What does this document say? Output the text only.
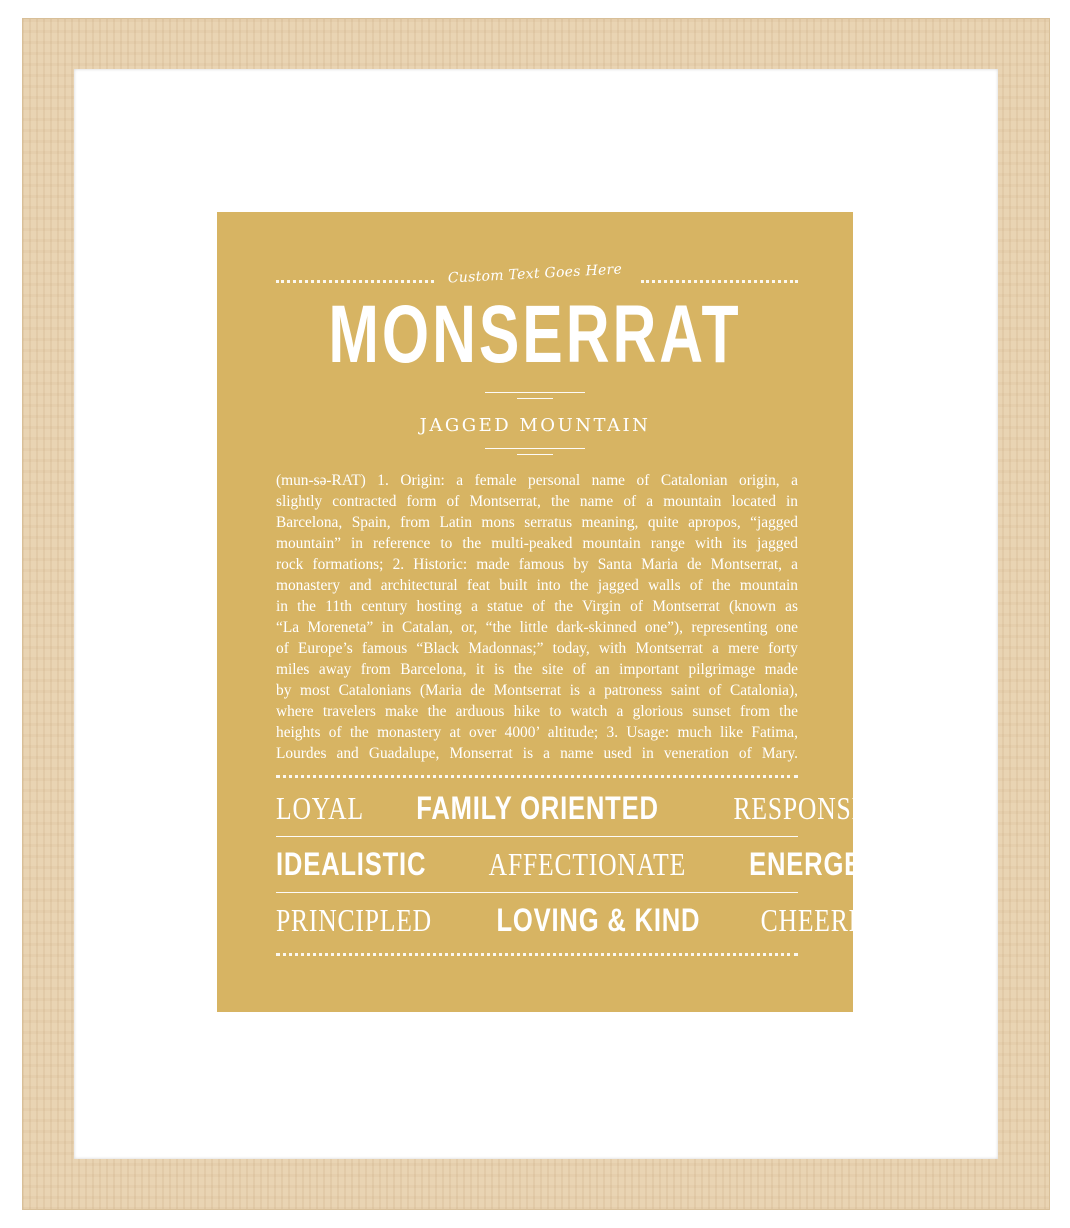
Custom Text Goes Here
MONSERRAT
JAGGED MOUNTAIN

(mun-sə-RAT) 1. Origin: a female personal name of Catalonian origin, a
slightly contracted form of Montserrat, the name of a mountain located in
Barcelona, Spain, from Latin mons serratus meaning, quite apropos, “jagged
mountain” in reference to the multi-peaked mountain range with its jagged
rock formations; 2. Historic: made famous by Santa Maria de Montserrat, a
monastery and architectural feat built into the jagged walls of the mountain
in the 11th century hosting a statue of the Virgin of Montserrat (known as
“La Moreneta” in Catalan, or, “the little dark-skinned one”), representing one
of Europe’s famous “Black Madonnas;” today, with Montserrat a mere forty
miles away from Barcelona, it is the site of an important pilgrimage made
by most Catalonians (Maria de Montserrat is a patroness saint of Catalonia),
where travelers make the arduous hike to watch a glorious sunset from the
heights of the monastery at over 4000’ altitude; 3. Usage: much like Fatima,
Lourdes and Guadalupe, Monserrat is a name used in veneration of Mary.

LOYAL FAMILY ORIENTED RESPONSIBLE
IDEALISTIC AFFECTIONATE ENERGETIC
PRINCIPLED LOVING & KIND CHEERFUL
